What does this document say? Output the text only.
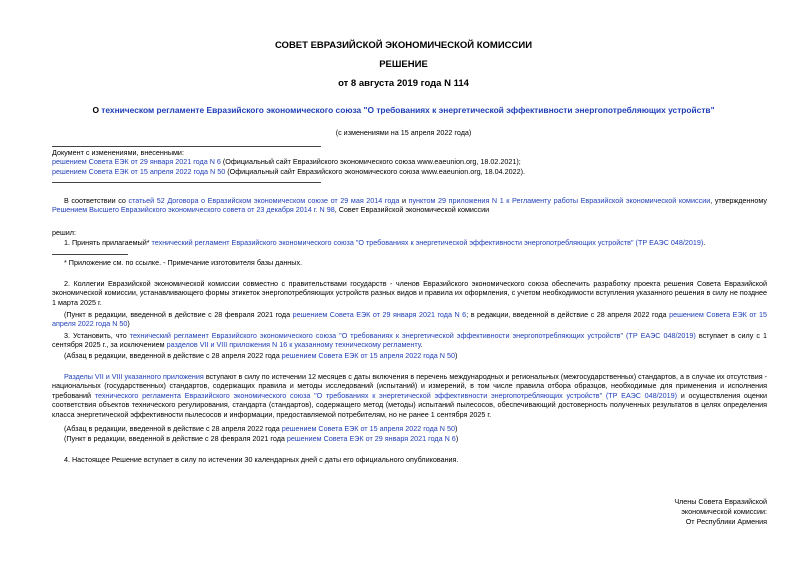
СОВЕТ ЕВРАЗИЙСКОЙ ЭКОНОМИЧЕСКОЙ КОМИССИИ
РЕШЕНИЕ
от 8 августа 2019 года N 114
О техническом регламенте Евразийского экономического союза "О требованиях к энергетической эффективности энергопотребляющих устройств"
(с изменениями на 15 апреля 2022 года)
Документ с изменениями, внесенными:
решением Совета ЕЭК от 29 января 2021 года N 6 (Официальный сайт Евразийского экономического союза www.eaeunion.org, 18.02.2021);
решением Совета ЕЭК от 15 апреля 2022 года N 50 (Официальный сайт Евразийского экономического союза www.eaeunion.org, 18.04.2022).
В соответствии со статьей 52 Договора о Евразийском экономическом союзе от 29 мая 2014 года и пунктом 29 приложения N 1 к Регламенту работы Евразийской экономической комиссии, утвержденному Решением Высшего Евразийского экономического совета от 23 декабря 2014 г. N 98, Совет Евразийской экономической комиссии
решил:
1. Принять прилагаемый* технический регламент Евразийского экономического союза "О требованиях к энергетической эффективности энергопотребляющих устройств" (ТР ЕАЭС 048/2019).
* Приложение см. по ссылке. - Примечание изготовителя базы данных.
2. Коллегии Евразийской экономической комиссии совместно с правительствами государств - членов Евразийского экономического союза обеспечить разработку проекта решения Совета Евразийской экономической комиссии, устанавливающего формы этикеток энергопотребляющих устройств разных видов и правила их оформления, с учетом необходимости вступления указанного решения в силу не позднее 1 марта 2025 г.
(Пункт в редакции, введенной в действие с 28 февраля 2021 года решением Совета ЕЭК от 29 января 2021 года N 6; в редакции, введенной в действие с 28 апреля 2022 года решением Совета ЕЭК от 15 апреля 2022 года N 50)
3. Установить, что технический регламент Евразийского экономического союза "О требованиях к энергетической эффективности энергопотребляющих устройств" (ТР ЕАЭС 048/2019) вступает в силу с 1 сентября 2025 г., за исключением разделов VII и VIII приложения N 16 к указанному техническому регламенту.
(Абзац в редакции, введенной в действие с 28 апреля 2022 года решением Совета ЕЭК от 15 апреля 2022 года N 50)
Разделы VII и VIII указанного приложения вступают в силу по истечении 12 месяцев с даты включения в перечень международных и региональных (межгосударственных) стандартов, а в случае их отсутствия - национальных (государственных) стандартов, содержащих правила и методы исследований (испытаний) и измерений, в том числе правила отбора образцов, необходимые для применения и исполнения требований технического регламента Евразийского экономического союза "О требованиях к энергетической эффективности энергопотребляющих устройств" (ТР ЕАЭС 048/2019) и осуществления оценки соответствия объектов технического регулирования, стандарта (стандартов), содержащего метод (методы) испытаний пылесосов, обеспечивающий достоверность полученных результатов в целях определения класса энергетической эффективности пылесосов и информации, предоставляемой потребителям, но не ранее 1 сентября 2025 г.
(Абзац в редакции, введенной в действие с 28 апреля 2022 года решением Совета ЕЭК от 15 апреля 2022 года N 50)
(Пункт в редакции, введенной в действие с 28 февраля 2021 года решением Совета ЕЭК от 29 января 2021 года N 6)
4. Настоящее Решение вступает в силу по истечении 30 календарных дней с даты его официального опубликования.
Члены Совета Евразийской
экономической комиссии:
От Республики Армения
